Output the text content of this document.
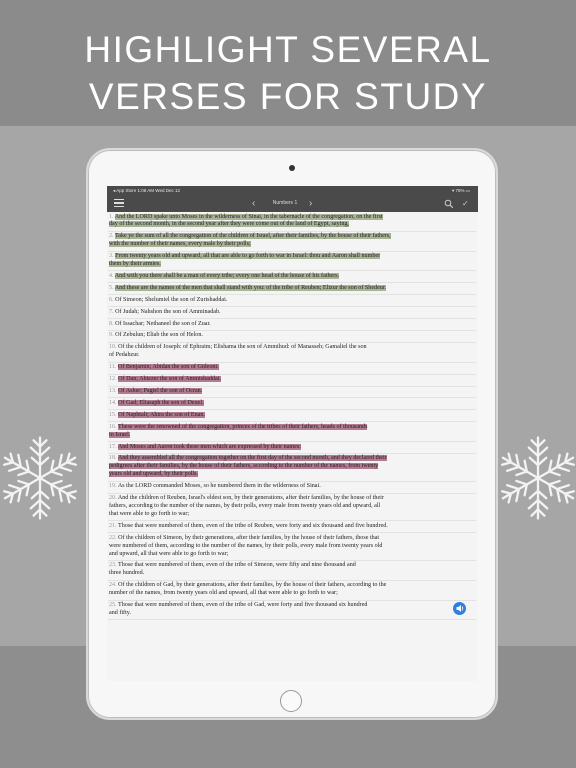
HIGHLIGHT SEVERAL
VERSES FOR STUDY
◂ App Store 1:08 AM Wed Dec 12	▾ 76% ▭
‹	Numbers 1	›	✓
1. And the LORD spake unto Moses in the wilderness of Sinai, in the tabernacle of the congregation, on the first
day of the second month, in the second year after they were come out of the land of Egypt, saying,
2. Take ye the sum of all the congregation of the children of Israel, after their families, by the house of their fathers,
with the number of their names, every male by their polls;
3. From twenty years old and upward, all that are able to go forth to war in Israel: thou and Aaron shall number
them by their armies.
4. And with you there shall be a man of every tribe; every one head of the house of his fathers.
5. And these are the names of the men that shall stand with you: of the tribe of Reuben; Elizur the son of Shedeur.
6. Of Simeon; Shelumiel the son of Zurishaddai.
7. Of Judah; Nahshon the son of Amminadab.
8. Of Issachar; Nethaneel the son of Zuar.
9. Of Zebulun; Eliab the son of Helon.
10. Of the children of Joseph: of Ephraim; Elishama the son of Ammihud: of Manasseh; Gamaliel the son
of Pedahzur.
11. Of Benjamin; Abidan the son of Gideoni.
12. Of Dan; Ahiezer the son of Ammishaddai.
13. Of Asher; Pagiel the son of Ocran.
14. Of Gad; Eliasaph the son of Deuel.
15. Of Naphtali; Ahira the son of Enan.
16. These were the renowned of the congregation, princes of the tribes of their fathers, heads of thousands
in Israel.
17. And Moses and Aaron took these men which are expressed by their names:
18. And they assembled all the congregation together on the first day of the second month, and they declared their
pedigrees after their families, by the house of their fathers, according to the number of the names, from twenty
years old and upward, by their polls.
19. As the LORD commanded Moses, so he numbered them in the wilderness of Sinai.
20. And the children of Reuben, Israel's eldest son, by their generations, after their families, by the house of their
fathers, according to the number of the names, by their polls, every male from twenty years old and upward, all
that were able to go forth to war;
21. Those that were numbered of them, even of the tribe of Reuben, were forty and six thousand and five hundred.
22. Of the children of Simeon, by their generations, after their families, by the house of their fathers, those that
were numbered of them, according to the number of the names, by their polls, every male from twenty years old
and upward, all that were able to go forth to war;
23. Those that were numbered of them, even of the tribe of Simeon, were fifty and nine thousand and
three hundred.
24. Of the children of Gad, by their generations, after their families, by the house of their fathers, according to the
number of the names, from twenty years old and upward, all that were able to go forth to war;
25. Those that were numbered of them, even of the tribe of Gad, were forty and five thousand six hundred
and fifty.
